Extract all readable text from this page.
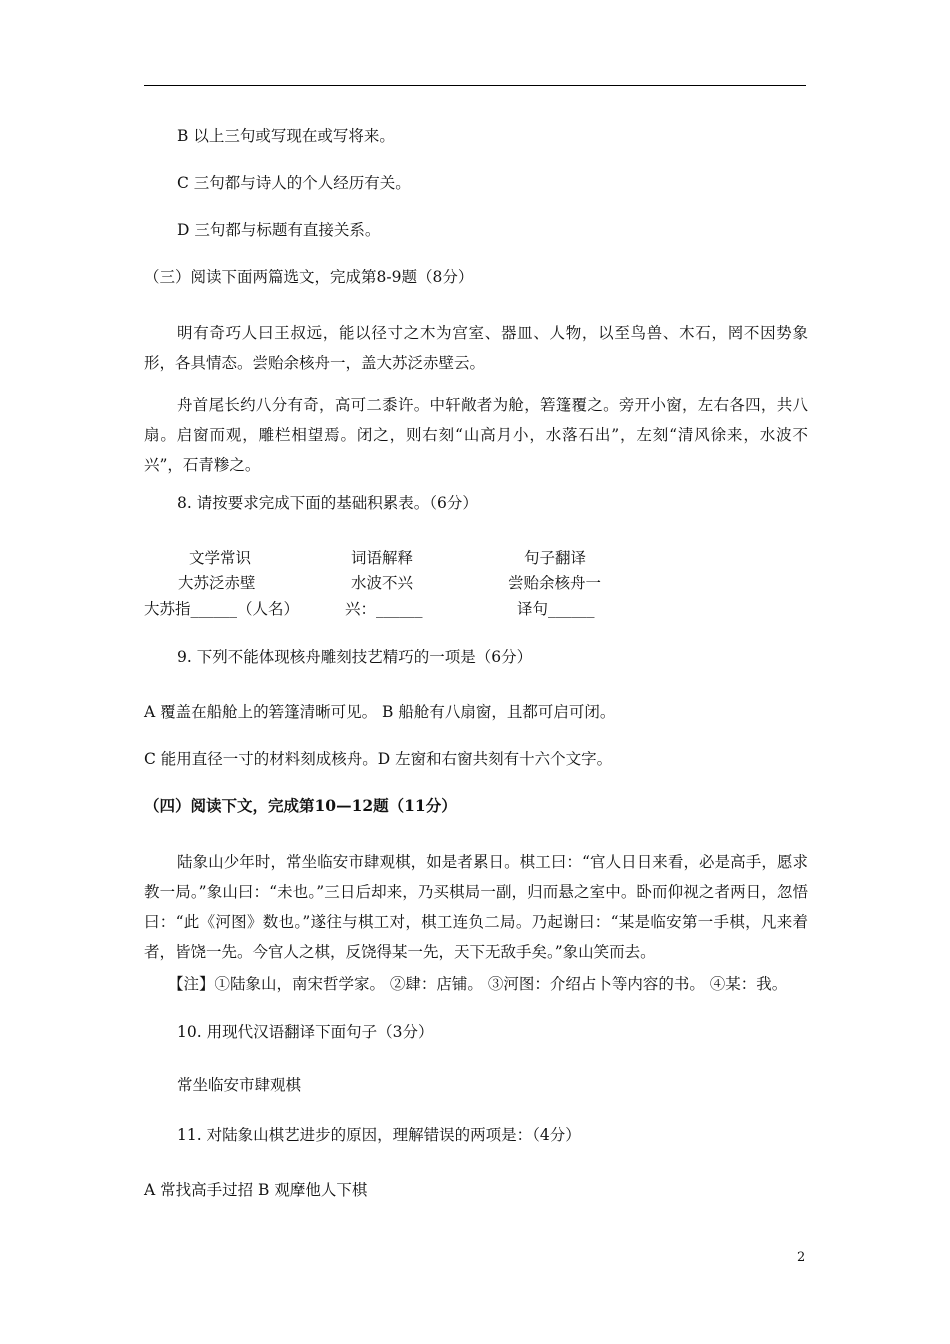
B 以上三句或写现在或写将来。
C 三句都与诗人的个人经历有关。
D 三句都与标题有直接关系。
（三）阅读下面两篇选文，完成第8-9题（8分）
明有奇巧人曰王叔远，能以径寸之木为宫室、器皿、人物，以至鸟兽、木石，罔不因势象形，各具情态。尝贻余核舟一，盖大苏泛赤壁云。
舟首尾长约八分有奇，高可二黍许。中轩敞者为舱，箬篷覆之。旁开小窗，左右各四，共八扇。启窗而观，雕栏相望焉。闭之，则右刻“山高月小，水落石出”，左刻“清风徐来，水波不兴”，石青糁之。
8. 请按要求完成下面的基础积累表。（6分）
文学常识	词语解释	句子翻译
大苏泛赤壁	水波不兴	尝贻余核舟一
大苏指______（人名）	兴：______	译句______
9. 下列不能体现核舟雕刻技艺精巧的一项是（6分）
A 覆盖在船舱上的箬篷清晰可见。 B 船舱有八扇窗，且都可启可闭。
C 能用直径一寸的材料刻成核舟。D 左窗和右窗共刻有十六个文字。
（四）阅读下文，完成第10—12题（11分）
陆象山少年时，常坐临安市肆观棋，如是者累日。棋工曰：“官人日日来看，必是高手，愿求教一局。”象山曰：“未也。”三日后却来，乃买棋局一副，归而悬之室中。卧而仰视之者两日，忽悟曰：“此《河图》数也。”遂往与棋工对，棋工连负二局。乃起谢曰：“某是临安第一手棋，凡来着者，皆饶一先。今官人之棋，反饶得某一先，天下无敌手矣。”象山笑而去。
【注】①陆象山，南宋哲学家。 ②肆：店铺。 ③河图：介绍占卜等内容的书。 ④某：我。
10. 用现代汉语翻译下面句子（3分）
常坐临安市肆观棋
11. 对陆象山棋艺进步的原因，理解错误的两项是：（4分）
A 常找高手过招 B 观摩他人下棋
2
